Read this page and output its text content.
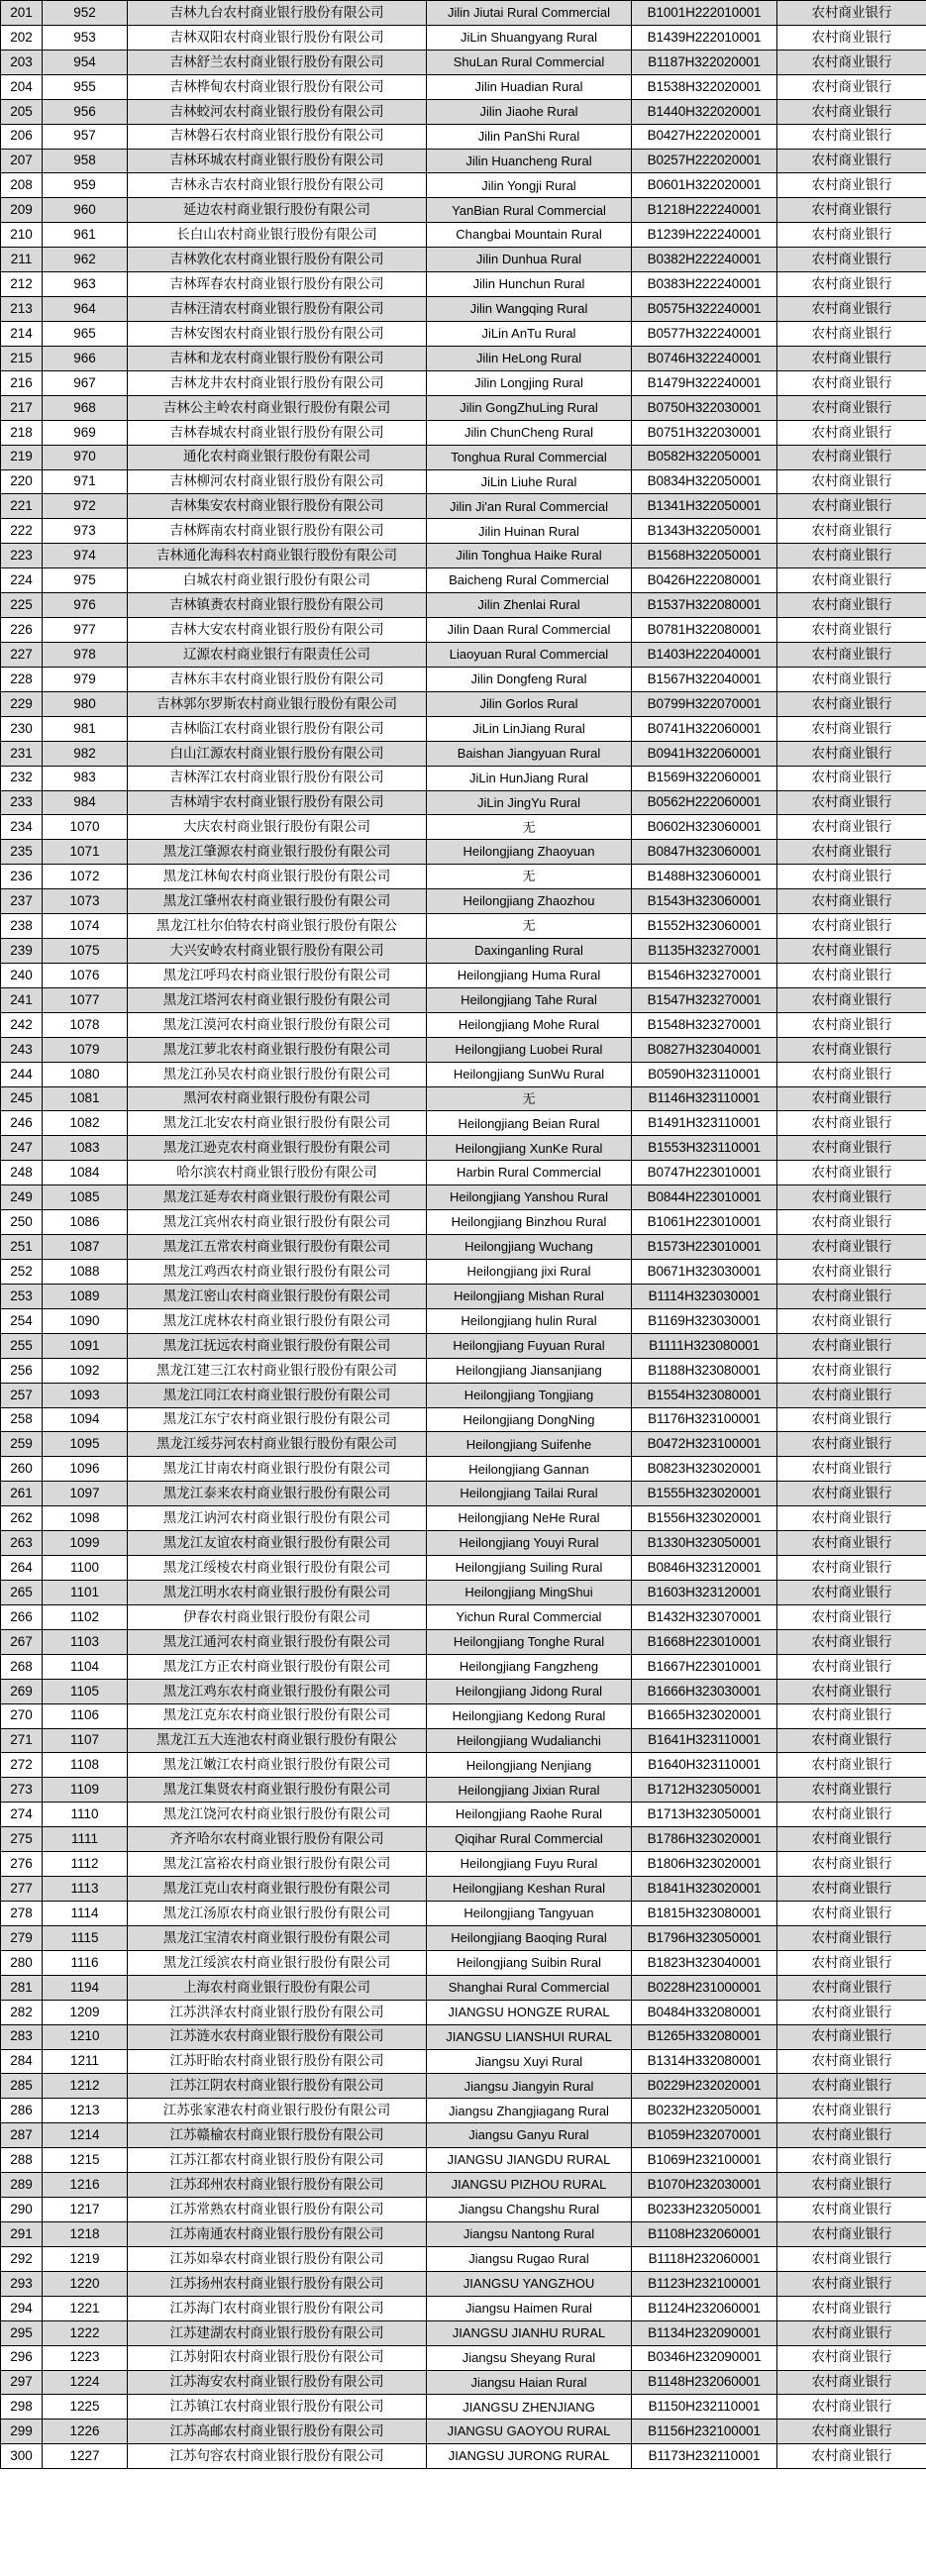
201	952	吉林九台农村商业银行股份有限公司	Jilin Jiutai Rural Commercial	B1001H222010001	农村商业银行
202	953	吉林双阳农村商业银行股份有限公司	JiLin Shuangyang Rural	B1439H222010001	农村商业银行
203	954	吉林舒兰农村商业银行股份有限公司	ShuLan Rural Commercial	B1187H322020001	农村商业银行
204	955	吉林桦甸农村商业银行股份有限公司	Jilin Huadian Rural	B1538H322020001	农村商业银行
205	956	吉林蛟河农村商业银行股份有限公司	Jilin Jiaohe Rural	B1440H322020001	农村商业银行
206	957	吉林磐石农村商业银行股份有限公司	Jilin PanShi Rural	B0427H222020001	农村商业银行
207	958	吉林环城农村商业银行股份有限公司	Jilin Huancheng Rural	B0257H222020001	农村商业银行
208	959	吉林永吉农村商业银行股份有限公司	Jilin Yongji Rural	B0601H322020001	农村商业银行
209	960	延边农村商业银行股份有限公司	YanBian Rural Commercial	B1218H222240001	农村商业银行
210	961	长白山农村商业银行股份有限公司	Changbai Mountain Rural	B1239H222240001	农村商业银行
211	962	吉林敦化农村商业银行股份有限公司	Jilin Dunhua Rural	B0382H222240001	农村商业银行
212	963	吉林珲春农村商业银行股份有限公司	Jilin Hunchun Rural	B0383H222240001	农村商业银行
213	964	吉林汪清农村商业银行股份有限公司	Jilin Wangqing Rural	B0575H322240001	农村商业银行
214	965	吉林安图农村商业银行股份有限公司	JiLin AnTu Rural	B0577H322240001	农村商业银行
215	966	吉林和龙农村商业银行股份有限公司	Jilin HeLong Rural	B0746H322240001	农村商业银行
216	967	吉林龙井农村商业银行股份有限公司	Jilin Longjing Rural	B1479H322240001	农村商业银行
217	968	吉林公主岭农村商业银行股份有限公司	Jilin GongZhuLing Rural	B0750H322030001	农村商业银行
218	969	吉林春城农村商业银行股份有限公司	Jilin ChunCheng Rural	B0751H322030001	农村商业银行
219	970	通化农村商业银行股份有限公司	Tonghua Rural Commercial	B0582H322050001	农村商业银行
220	971	吉林柳河农村商业银行股份有限公司	JiLin Liuhe Rural	B0834H322050001	农村商业银行
221	972	吉林集安农村商业银行股份有限公司	Jilin Ji'an Rural Commercial	B1341H322050001	农村商业银行
222	973	吉林辉南农村商业银行股份有限公司	Jilin Huinan Rural	B1343H322050001	农村商业银行
223	974	吉林通化海科农村商业银行股份有限公司	Jilin Tonghua Haike Rural	B1568H322050001	农村商业银行
224	975	白城农村商业银行股份有限公司	Baicheng Rural Commercial	B0426H222080001	农村商业银行
225	976	吉林镇赉农村商业银行股份有限公司	Jilin Zhenlai Rural	B1537H322080001	农村商业银行
226	977	吉林大安农村商业银行股份有限公司	Jilin Daan Rural Commercial	B0781H322080001	农村商业银行
227	978	辽源农村商业银行有限责任公司	Liaoyuan Rural Commercial	B1403H222040001	农村商业银行
228	979	吉林东丰农村商业银行股份有限公司	Jilin Dongfeng Rural	B1567H322040001	农村商业银行
229	980	吉林郭尔罗斯农村商业银行股份有限公司	Jilin Gorlos Rural	B0799H322070001	农村商业银行
230	981	吉林临江农村商业银行股份有限公司	JiLin LinJiang Rural	B0741H322060001	农村商业银行
231	982	白山江源农村商业银行股份有限公司	Baishan Jiangyuan Rural	B0941H322060001	农村商业银行
232	983	吉林浑江农村商业银行股份有限公司	JiLin HunJiang Rural	B1569H322060001	农村商业银行
233	984	吉林靖宇农村商业银行股份有限公司	JiLin JingYu Rural	B0562H222060001	农村商业银行
234	1070	大庆农村商业银行股份有限公司	无	B0602H323060001	农村商业银行
235	1071	黑龙江肇源农村商业银行股份有限公司	Heilongjiang Zhaoyuan	B0847H323060001	农村商业银行
236	1072	黑龙江林甸农村商业银行股份有限公司	无	B1488H323060001	农村商业银行
237	1073	黑龙江肇州农村商业银行股份有限公司	Heilongjiang Zhaozhou	B1543H323060001	农村商业银行
238	1074	黑龙江杜尔伯特农村商业银行股份有限公	无	B1552H323060001	农村商业银行
239	1075	大兴安岭农村商业银行股份有限公司	Daxinganling Rural	B1135H323270001	农村商业银行
240	1076	黑龙江呼玛农村商业银行股份有限公司	Heilongjiang Huma Rural	B1546H323270001	农村商业银行
241	1077	黑龙江塔河农村商业银行股份有限公司	Heilongjiang Tahe Rural	B1547H323270001	农村商业银行
242	1078	黑龙江漠河农村商业银行股份有限公司	Heilongjiang Mohe Rural	B1548H323270001	农村商业银行
243	1079	黑龙江萝北农村商业银行股份有限公司	Heilongjiang Luobei Rural	B0827H323040001	农村商业银行
244	1080	黑龙江孙吴农村商业银行股份有限公司	Heilongjiang SunWu Rural	B0590H323110001	农村商业银行
245	1081	黑河农村商业银行股份有限公司	无	B1146H323110001	农村商业银行
246	1082	黑龙江北安农村商业银行股份有限公司	Heilongjiang Beian Rural	B1491H323110001	农村商业银行
247	1083	黑龙江逊克农村商业银行股份有限公司	Heilongjiang XunKe Rural	B1553H323110001	农村商业银行
248	1084	哈尔滨农村商业银行股份有限公司	Harbin Rural Commercial	B0747H223010001	农村商业银行
249	1085	黑龙江延寿农村商业银行股份有限公司	Heilongjiang Yanshou Rural	B0844H223010001	农村商业银行
250	1086	黑龙江宾州农村商业银行股份有限公司	Heilongjiang Binzhou Rural	B1061H223010001	农村商业银行
251	1087	黑龙江五常农村商业银行股份有限公司	Heilongjiang Wuchang	B1573H223010001	农村商业银行
252	1088	黑龙江鸡西农村商业银行股份有限公司	Heilongjiang jixi Rural	B0671H323030001	农村商业银行
253	1089	黑龙江密山农村商业银行股份有限公司	Heilongjiang Mishan Rural	B1114H323030001	农村商业银行
254	1090	黑龙江虎林农村商业银行股份有限公司	Heilongjiang hulin Rural	B1169H323030001	农村商业银行
255	1091	黑龙江抚远农村商业银行股份有限公司	Heilongjiang Fuyuan Rural	B1111H323080001	农村商业银行
256	1092	黑龙江建三江农村商业银行股份有限公司	Heilongjiang Jiansanjiang	B1188H323080001	农村商业银行
257	1093	黑龙江同江农村商业银行股份有限公司	Heilongjiang Tongjiang	B1554H323080001	农村商业银行
258	1094	黑龙江东宁农村商业银行股份有限公司	Heilongjiang DongNing	B1176H323100001	农村商业银行
259	1095	黑龙江绥芬河农村商业银行股份有限公司	Heilongjiang Suifenhe	B0472H323100001	农村商业银行
260	1096	黑龙江甘南农村商业银行股份有限公司	Heilongjiang Gannan	B0823H323020001	农村商业银行
261	1097	黑龙江泰来农村商业银行股份有限公司	Heilongjiang Tailai Rural	B1555H323020001	农村商业银行
262	1098	黑龙江讷河农村商业银行股份有限公司	Heilongjiang NeHe Rural	B1556H323020001	农村商业银行
263	1099	黑龙江友谊农村商业银行股份有限公司	Heilongjiang Youyi Rural	B1330H323050001	农村商业银行
264	1100	黑龙江绥棱农村商业银行股份有限公司	Heilongjiang Suiling Rural	B0846H323120001	农村商业银行
265	1101	黑龙江明水农村商业银行股份有限公司	Heilongjiang MingShui	B1603H323120001	农村商业银行
266	1102	伊春农村商业银行股份有限公司	Yichun Rural Commercial	B1432H323070001	农村商业银行
267	1103	黑龙江通河农村商业银行股份有限公司	Heilongjiang Tonghe Rural	B1668H223010001	农村商业银行
268	1104	黑龙江方正农村商业银行股份有限公司	Heilongjiang Fangzheng	B1667H223010001	农村商业银行
269	1105	黑龙江鸡东农村商业银行股份有限公司	Heilongjiang Jidong Rural	B1666H323030001	农村商业银行
270	1106	黑龙江克东农村商业银行股份有限公司	Heilongjiang Kedong Rural	B1665H323020001	农村商业银行
271	1107	黑龙江五大连池农村商业银行股份有限公	Heilongjiang Wudalianchi	B1641H323110001	农村商业银行
272	1108	黑龙江嫩江农村商业银行股份有限公司	Heilongjiang Nenjiang	B1640H323110001	农村商业银行
273	1109	黑龙江集贤农村商业银行股份有限公司	Heilongjiang Jixian Rural	B1712H323050001	农村商业银行
274	1110	黑龙江饶河农村商业银行股份有限公司	Heilongjiang Raohe Rural	B1713H323050001	农村商业银行
275	1111	齐齐哈尔农村商业银行股份有限公司	Qiqihar Rural Commercial	B1786H323020001	农村商业银行
276	1112	黑龙江富裕农村商业银行股份有限公司	Heilongjiang Fuyu Rural	B1806H323020001	农村商业银行
277	1113	黑龙江克山农村商业银行股份有限公司	Heilongjiang Keshan Rural	B1841H323020001	农村商业银行
278	1114	黑龙江汤原农村商业银行股份有限公司	Heilongjiang Tangyuan	B1815H323080001	农村商业银行
279	1115	黑龙江宝清农村商业银行股份有限公司	Heilongjiang Baoqing Rural	B1796H323050001	农村商业银行
280	1116	黑龙江绥滨农村商业银行股份有限公司	Heilongjiang Suibin Rural	B1823H323040001	农村商业银行
281	1194	上海农村商业银行股份有限公司	Shanghai Rural Commercial	B0228H231000001	农村商业银行
282	1209	江苏洪泽农村商业银行股份有限公司	JIANGSU HONGZE RURAL	B0484H332080001	农村商业银行
283	1210	江苏涟水农村商业银行股份有限公司	JIANGSU LIANSHUI RURAL	B1265H332080001	农村商业银行
284	1211	江苏盱眙农村商业银行股份有限公司	Jiangsu Xuyi Rural	B1314H332080001	农村商业银行
285	1212	江苏江阴农村商业银行股份有限公司	Jiangsu Jiangyin Rural	B0229H232020001	农村商业银行
286	1213	江苏张家港农村商业银行股份有限公司	Jiangsu Zhangjiagang Rural	B0232H232050001	农村商业银行
287	1214	江苏赣榆农村商业银行股份有限公司	Jiangsu Ganyu Rural	B1059H232070001	农村商业银行
288	1215	江苏江都农村商业银行股份有限公司	JIANGSU JIANGDU RURAL	B1069H232100001	农村商业银行
289	1216	江苏邳州农村商业银行股份有限公司	JIANGSU PIZHOU RURAL	B1070H232030001	农村商业银行
290	1217	江苏常熟农村商业银行股份有限公司	Jiangsu Changshu Rural	B0233H232050001	农村商业银行
291	1218	江苏南通农村商业银行股份有限公司	Jiangsu Nantong Rural	B1108H232060001	农村商业银行
292	1219	江苏如皋农村商业银行股份有限公司	Jiangsu Rugao Rural	B1118H232060001	农村商业银行
293	1220	江苏扬州农村商业银行股份有限公司	JIANGSU YANGZHOU	B1123H232100001	农村商业银行
294	1221	江苏海门农村商业银行股份有限公司	Jiangsu Haimen Rural	B1124H232060001	农村商业银行
295	1222	江苏建湖农村商业银行股份有限公司	JIANGSU JIANHU RURAL	B1134H232090001	农村商业银行
296	1223	江苏射阳农村商业银行股份有限公司	Jiangsu Sheyang Rural	B0346H232090001	农村商业银行
297	1224	江苏海安农村商业银行股份有限公司	Jiangsu Haian Rural	B1148H232060001	农村商业银行
298	1225	江苏镇江农村商业银行股份有限公司	JIANGSU ZHENJIANG	B1150H232110001	农村商业银行
299	1226	江苏高邮农村商业银行股份有限公司	JIANGSU GAOYOU RURAL	B1156H232100001	农村商业银行
300	1227	江苏句容农村商业银行股份有限公司	JIANGSU JURONG RURAL	B1173H232110001	农村商业银行
